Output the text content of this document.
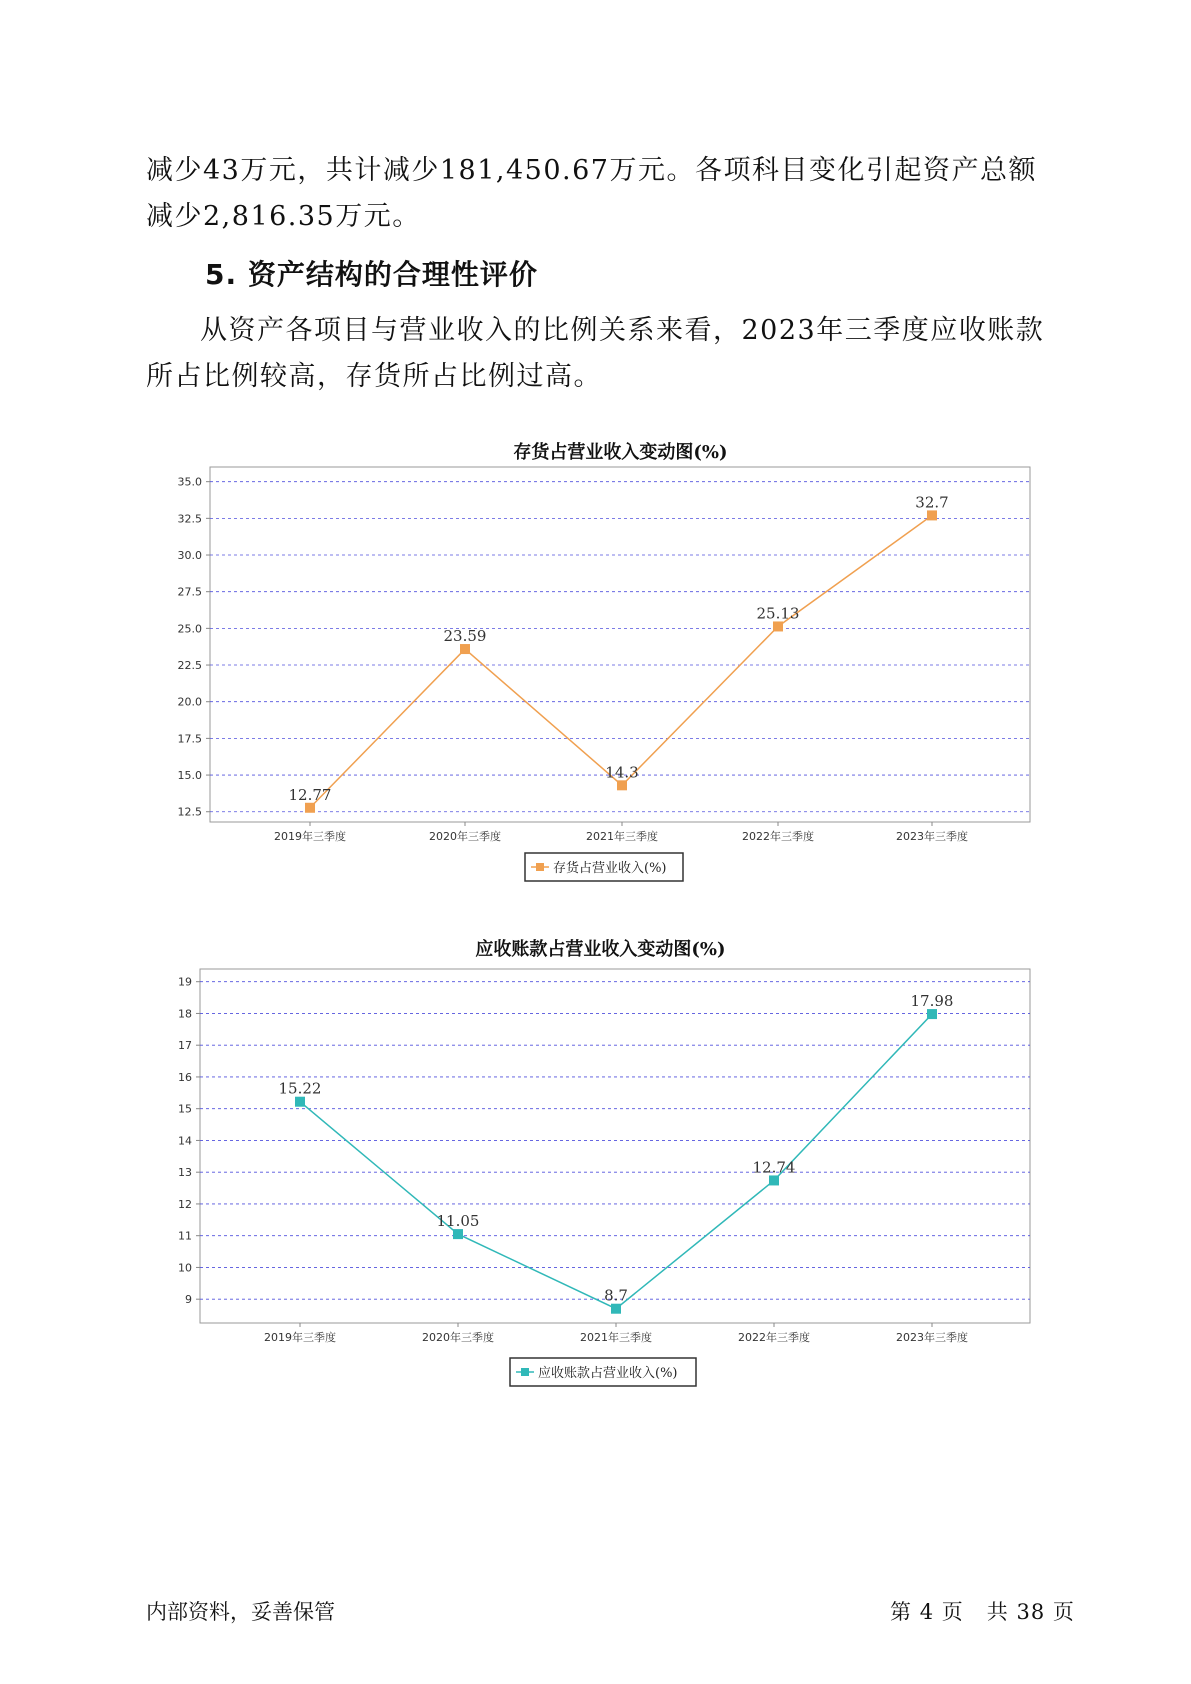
减少43万元，共计减少181,450.67万元。各项科目变化引起资产总额减少2,816.35万元。

5. 资产结构的合理性评价

从资产各项目与营业收入的比例关系来看，2023年三季度应收账款所占比例较高，存货所占比例过高。

存货占营业收入变动图(%)
12.5
15.0
17.5
20.0
22.5
25.0
27.5
30.0
32.5
35.0
2019年三季度	2020年三季度	2021年三季度	2022年三季度	2023年三季度
12.77
23.59
14.3
25.13
32.7
存货占营业收入(%)
应收账款占营业收入变动图(%)
9
10
11
12
13
14
15
16
17
18
19
2019年三季度	2020年三季度	2021年三季度	2022年三季度	2023年三季度
15.22
11.05
8.7
12.74
17.98
应收账款占营业收入(%)
内部资料，妥善保管	第 4 页   共 38 页
